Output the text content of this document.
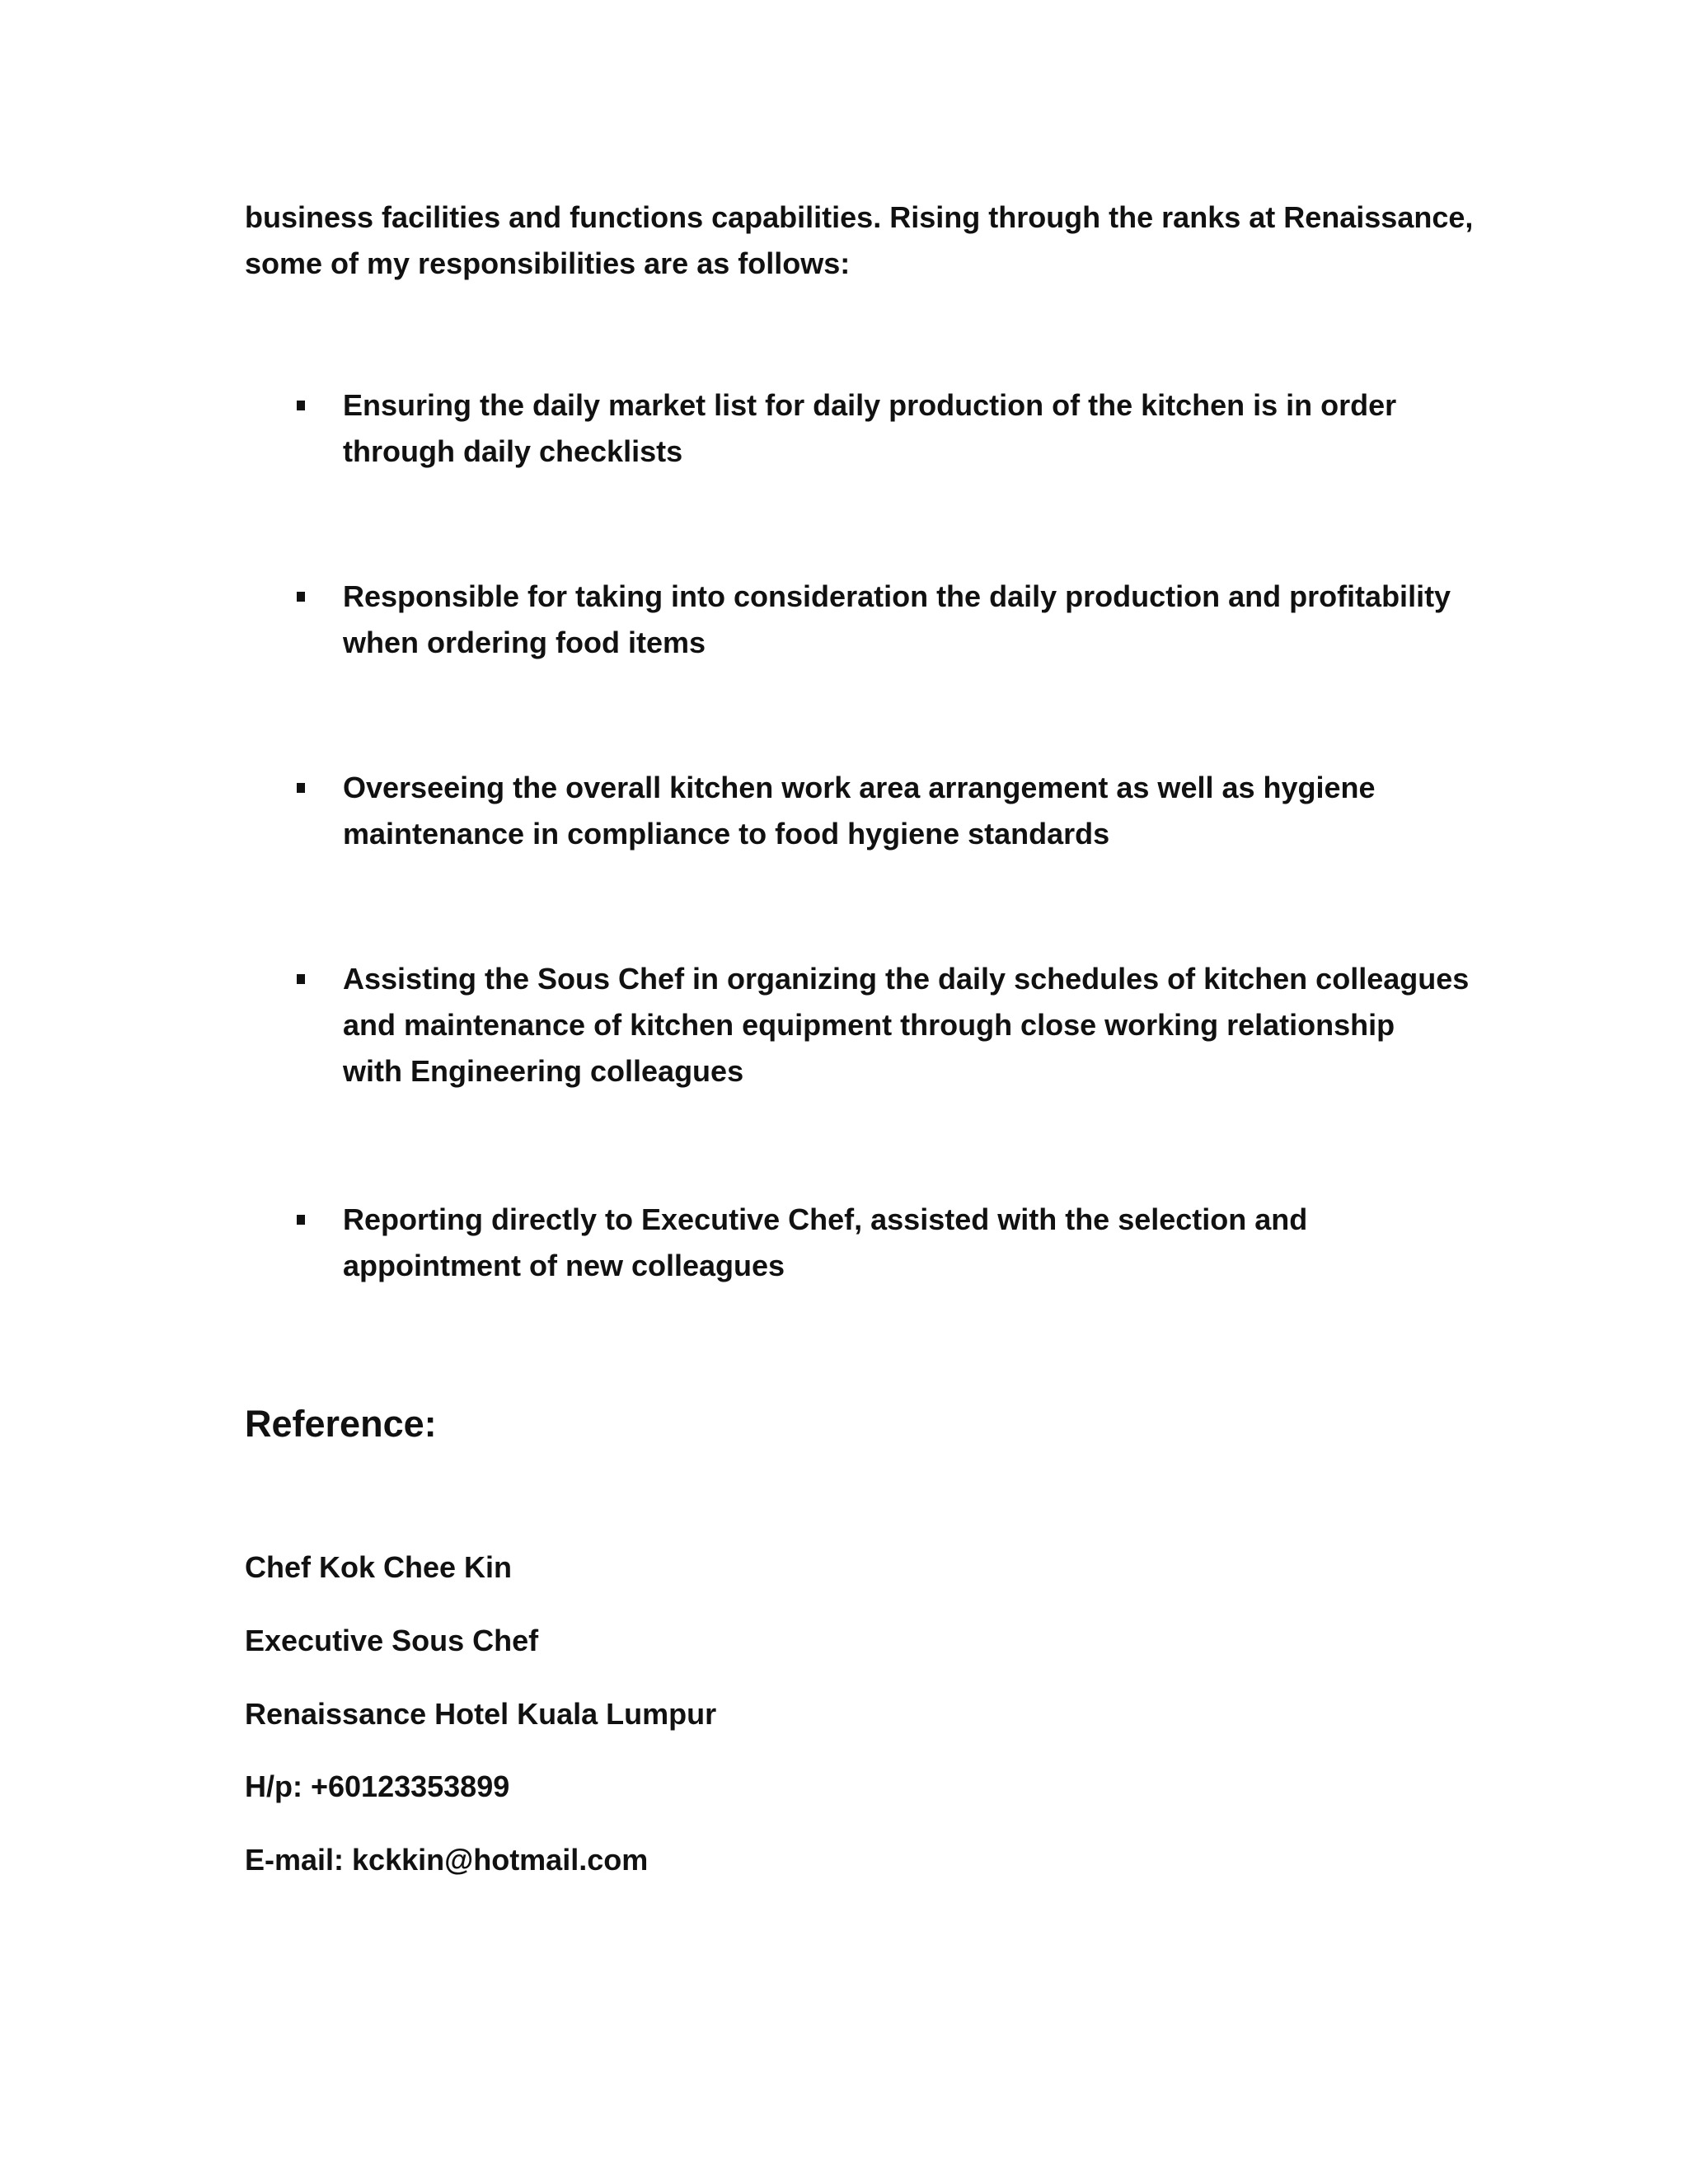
business facilities and functions capabilities. Rising through the ranks at Renaissance,
some of my responsibilities are as follows:

Ensuring the daily market list for daily production of the kitchen is in order
through daily checklists
Responsible for taking into consideration the daily production and profitability
when ordering food items
Overseeing the overall kitchen work area arrangement as well as hygiene
maintenance in compliance to food hygiene standards
Assisting the Sous Chef in organizing the daily schedules of kitchen colleagues
and maintenance of kitchen equipment through close working relationship
with Engineering colleagues
Reporting directly to Executive Chef, assisted with the selection and
appointment of new colleagues
Reference:

Chef Kok Chee Kin

Executive Sous Chef

Renaissance Hotel Kuala Lumpur

H/p: +60123353899

E-mail: kckkin@hotmail.com
